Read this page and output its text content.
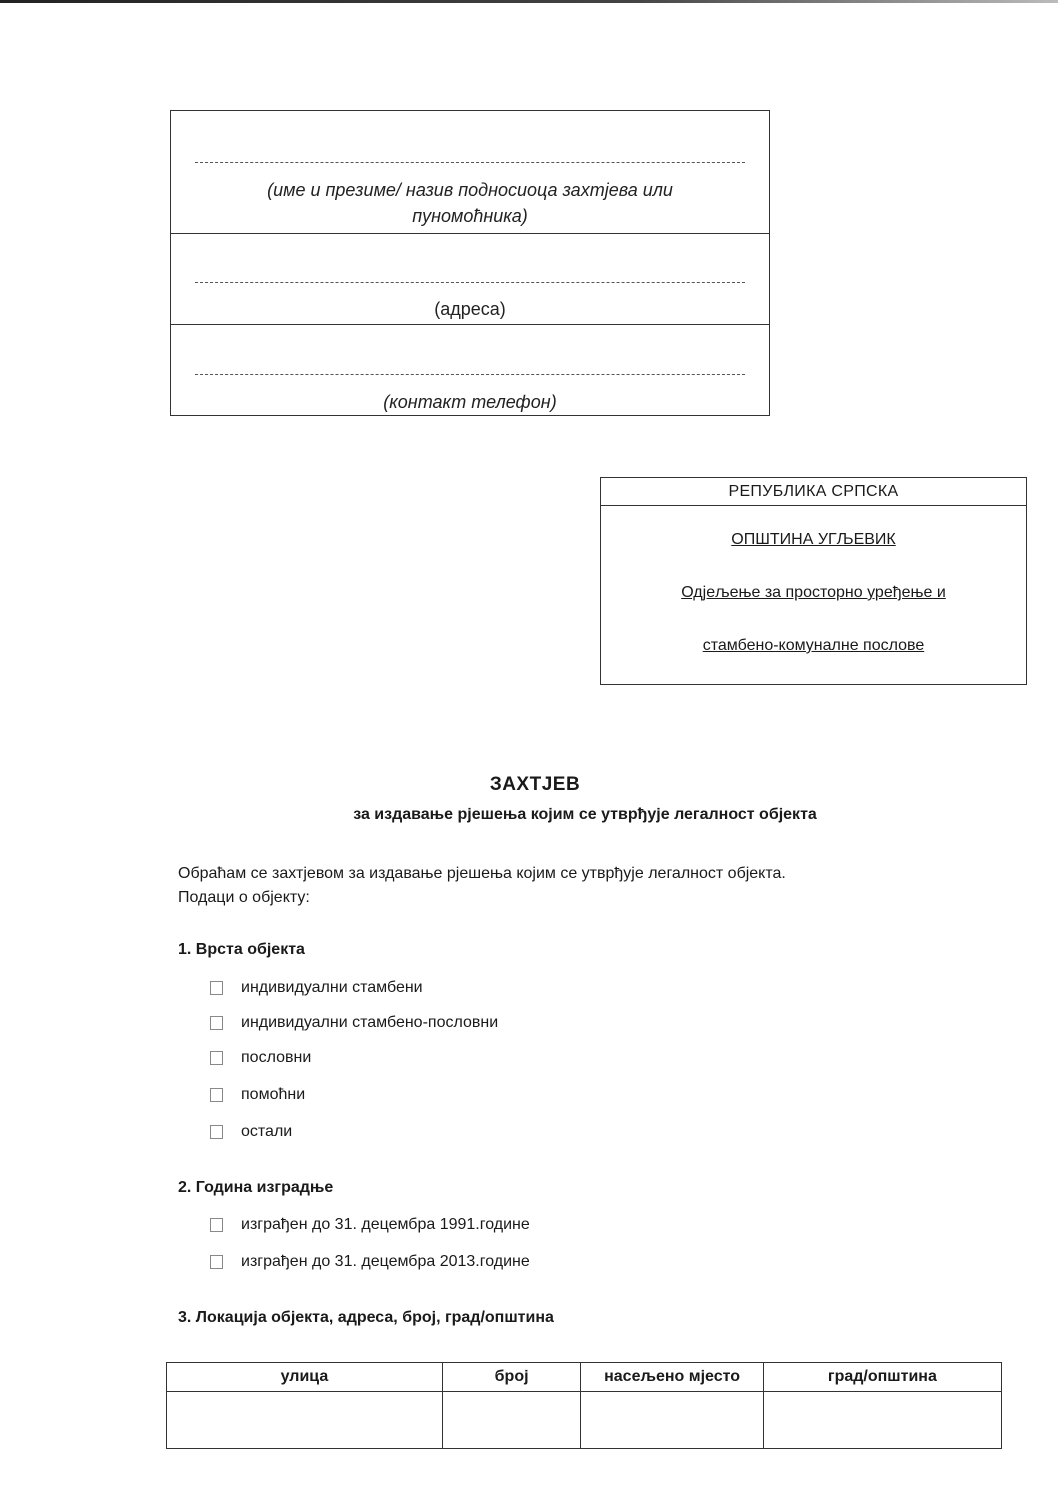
(име и презиме/ назив подносиоца захтјева или
пуномоћника)
(адреса)
(контакт телефон)
РЕПУБЛИКА СРПСКА
ОПШТИНА УГЉЕВИК
Одјељење за просторно уређење и
стамбено-комуналне послове
ЗАХТЈЕВ
за издавање рјешења којим се утврђује легалност објекта
Обраћам се захтјевом за издавање рјешења којим се утврђује легалност објекта.
Подаци о објекту:
1. Врста објекта
индивидуални стамбени
индивидуални стамбено-пословни
пословни
помоћни
остали
2. Година изградње
изграђен до 31. децембра 1991.године
изграђен до 31. децембра 2013.године
3. Локација објекта, адреса, број, град/општина
улица	број	насељено мјесто	град/општина
